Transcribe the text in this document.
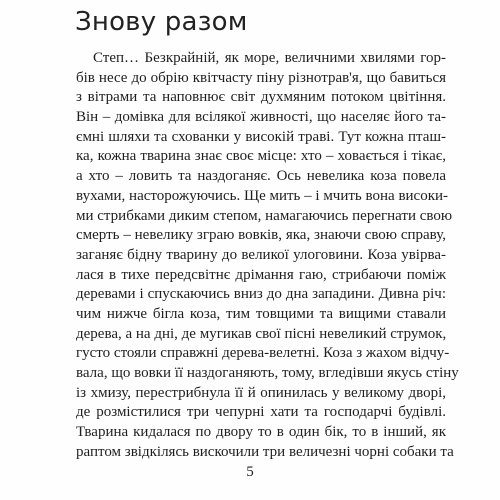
Знову разом
Степ… Безкрайній, як море, величними хвилями гор-
бів несе до обрію квітчасту піну різнотрав'я, що бавиться
з вітрами та наповнює світ духмяним потоком цвітіння.
Він – домівка для всілякої живності, що населяє його та-
ємні шляхи та схованки у високій траві. Тут кожна пташ-
ка, кожна тварина знає своє місце: хто – ховається і тікає,
а хто – ловить та наздоганяє. Ось невелика коза повела
вухами, насторожуючись. Ще мить – і мчить вона високи-
ми стрибками диким степом, намагаючись перегнати свою
смерть – невелику зграю вовків, яка, знаючи свою справу,
заганяє бідну тварину до великої улоговини. Коза увірва-
лася в тихе передсвітнє дрімання гаю, стрибаючи поміж
деревами і спускаючись вниз до дна западини. Дивна річ:
чим нижче бігла коза, тим товщими та вищими ставали
дерева, а на дні, де мугикав свої пісні невеликий струмок,
густо стояли справжні дерева-велетні. Коза з жахом відчу-
вала, що вовки її наздоганяють, тому, вгледівши якусь стіну
із хмизу, перестрибнула її й опинилась у великому дворі,
де розмістилися три чепурні хати та господарчі будівлі.
Тварина кидалася по двору то в один бік, то в інший, як
раптом звідкілясь вискочили три величезні чорні собаки та

5
